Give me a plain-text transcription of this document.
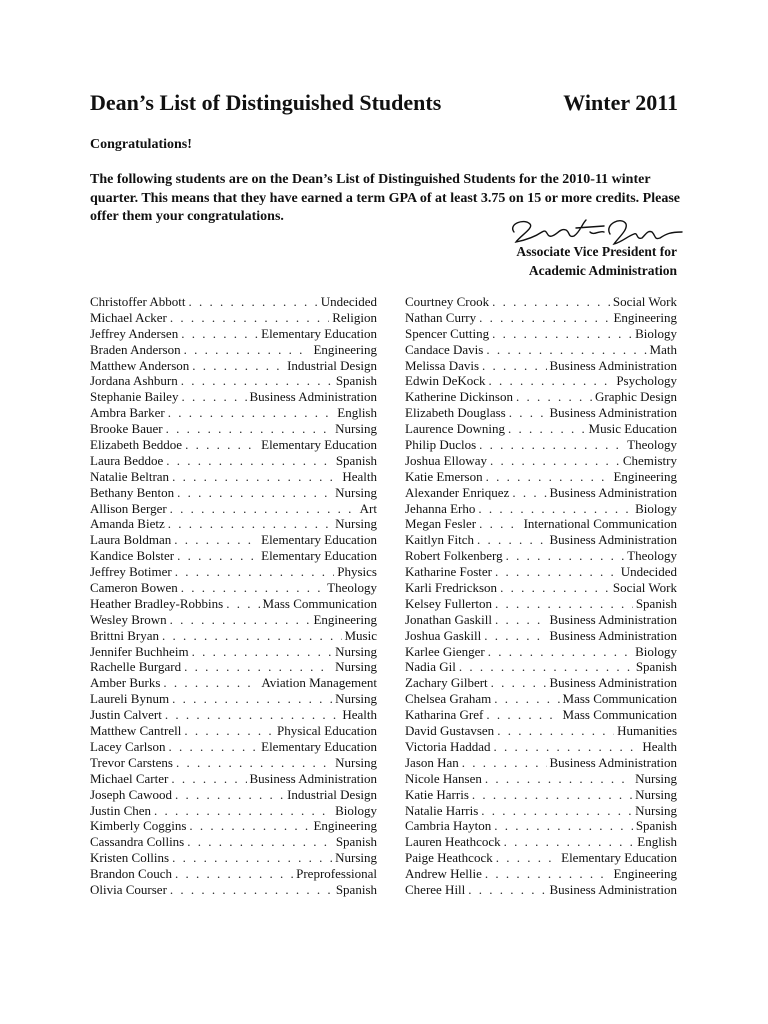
Dean’s List of Distinguished Students	Winter 2011
Congratulations!
The following students are on the Dean’s List of Distinguished Students for the 2010-11 winter quarter. This means that they have earned a term GPA of at least 3.75 on 15 or more credits. Please offer them your congratulations.
Associate Vice President for
Academic Administration
Christoffer Abbott . . .	Undecided
Michael Acker . . .	Religion
Jeffrey Andersen . . .	Elementary Education
Braden Anderson . . .	Engineering
Matthew Anderson . . .	Industrial Design
Jordana Ashburn . . .	Spanish
Stephanie Bailey . . .	Business Administration
Ambra Barker . . .	English
Brooke Bauer . . .	Nursing
Elizabeth Beddoe . . .	Elementary Education
Laura Beddoe . . .	Spanish
Natalie Beltran . . .	Health
Bethany Benton . . .	Nursing
Allison Berger . . .	Art
Amanda Bietz . . .	Nursing
Laura Boldman . . .	Elementary Education
Kandice Bolster . . .	Elementary Education
Jeffrey Botimer . . .	Physics
Cameron Bowen . . .	Theology
Heather Bradley-Robbins . . .	Mass Communication
Wesley Brown . . .	Engineering
Brittni Bryan . . .	Music
Jennifer Buchheim . . .	Nursing
Rachelle Burgard . . .	Nursing
Amber Burks . . .	Aviation Management
Laureli Bynum . . .	Nursing
Justin Calvert . . .	Health
Matthew Cantrell . . .	Physical Education
Lacey Carlson . . .	Elementary Education
Trevor Carstens . . .	Nursing
Michael Carter . . .	Business Administration
Joseph Cawood . . .	Industrial Design
Justin Chen . . .	Biology
Kimberly Coggins . . .	Engineering
Cassandra Collins . . .	Spanish
Kristen Collins . . .	Nursing
Brandon Couch . . .	Preprofessional
Olivia Courser . . .	Spanish
Courtney Crook . . .	Social Work
Nathan Curry . . .	Engineering
Spencer Cutting . . .	Biology
Candace Davis . . .	Math
Melissa Davis . . .	Business Administration
Edwin DeKock . . .	Psychology
Katherine Dickinson . . .	Graphic Design
Elizabeth Douglass . . .	Business Administration
Laurence Downing . . .	Music Education
Philip Duclos . . .	Theology
Joshua Elloway . . .	Chemistry
Katie Emerson . . .	Engineering
Alexander Enriquez . . .	Business Administration
Jehanna Erho . . .	Biology
Megan Fesler . . .	International Communication
Kaitlyn Fitch . . .	Business Administration
Robert Folkenberg . . .	Theology
Katharine Foster . . .	Undecided
Karli Fredrickson . . .	Social Work
Kelsey Fullerton . . .	Spanish
Jonathan Gaskill . . .	Business Administration
Joshua Gaskill . . .	Business Administration
Karlee Gienger . . .	Biology
Nadia Gil . . .	Spanish
Zachary Gilbert . . .	Business Administration
Chelsea Graham . . .	Mass Communication
Katharina Gref . . .	Mass Communication
David Gustavsen . . .	Humanities
Victoria Haddad . . .	Health
Jason Han . . .	Business Administration
Nicole Hansen . . .	Nursing
Katie Harris . . .	Nursing
Natalie Harris . . .	Nursing
Cambria Hayton . . .	Spanish
Lauren Heathcock . . .	English
Paige Heathcock . . .	Elementary Education
Andrew Hellie . . .	Engineering
Cheree Hill . . .	Business Administration
